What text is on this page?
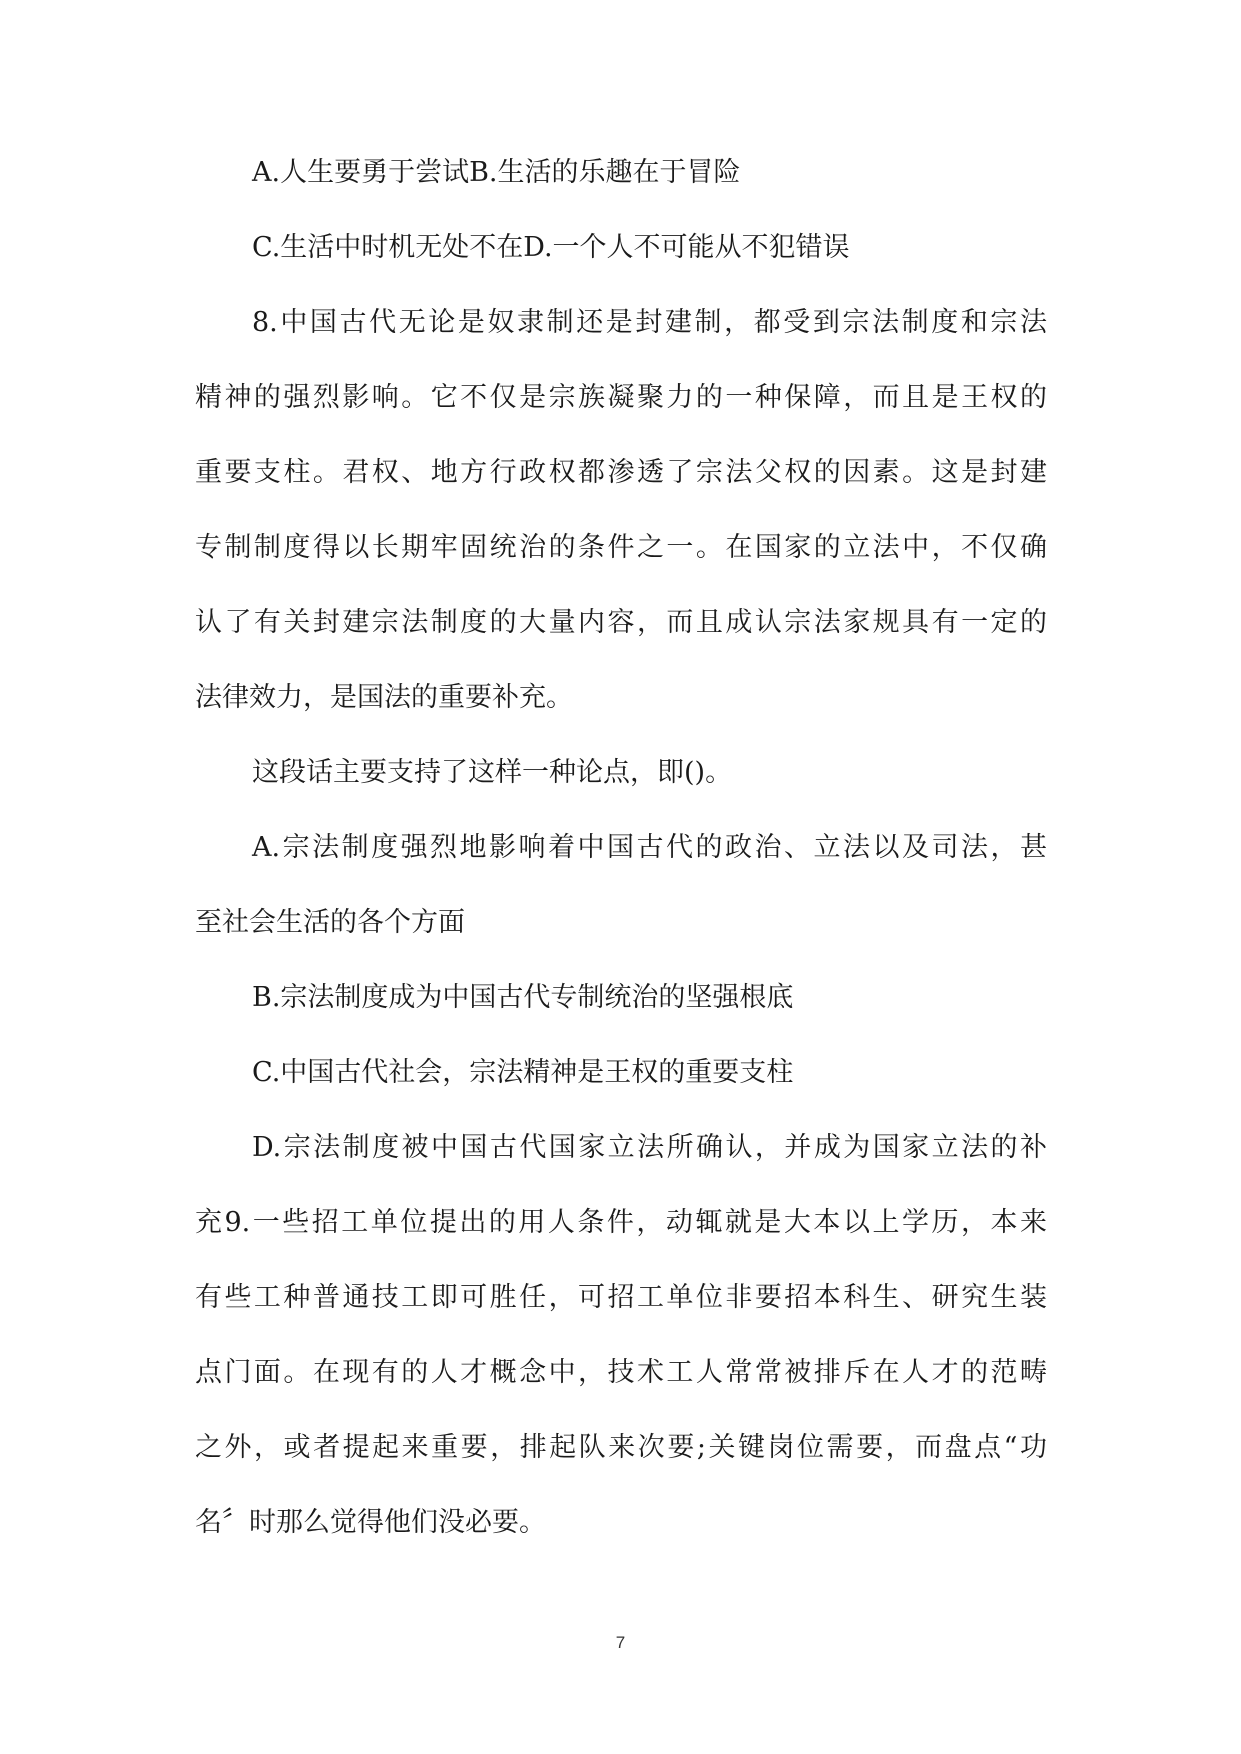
A.人生要勇于尝试B.生活的乐趣在于冒险
C.生活中时机无处不在D.一个人不可能从不犯错误
8.中国古代无论是奴隶制还是封建制，都受到宗法制度和宗法
精神的强烈影响。它不仅是宗族凝聚力的一种保障，而且是王权的
重要支柱。君权、地方行政权都渗透了宗法父权的因素。这是封建
专制制度得以长期牢固统治的条件之一。在国家的立法中，不仅确
认了有关封建宗法制度的大量内容，而且成认宗法家规具有一定的
法律效力，是国法的重要补充。
这段话主要支持了这样一种论点，即()。
A.宗法制度强烈地影响着中国古代的政治、立法以及司法，甚
至社会生活的各个方面
B.宗法制度成为中国古代专制统治的坚强根底
C.中国古代社会，宗法精神是王权的重要支柱
D.宗法制度被中国古代国家立法所确认，并成为国家立法的补
充9.一些招工单位提出的用人条件，动辄就是大本以上学历，本来
有些工种普通技工即可胜任，可招工单位非要招本科生、研究生装
点门面。在现有的人才概念中，技术工人常常被排斥在人才的范畴
之外，或者提起来重要，排起队来次要;关键岗位需要，而盘点“功
名〞时那么觉得他们没必要。
7
